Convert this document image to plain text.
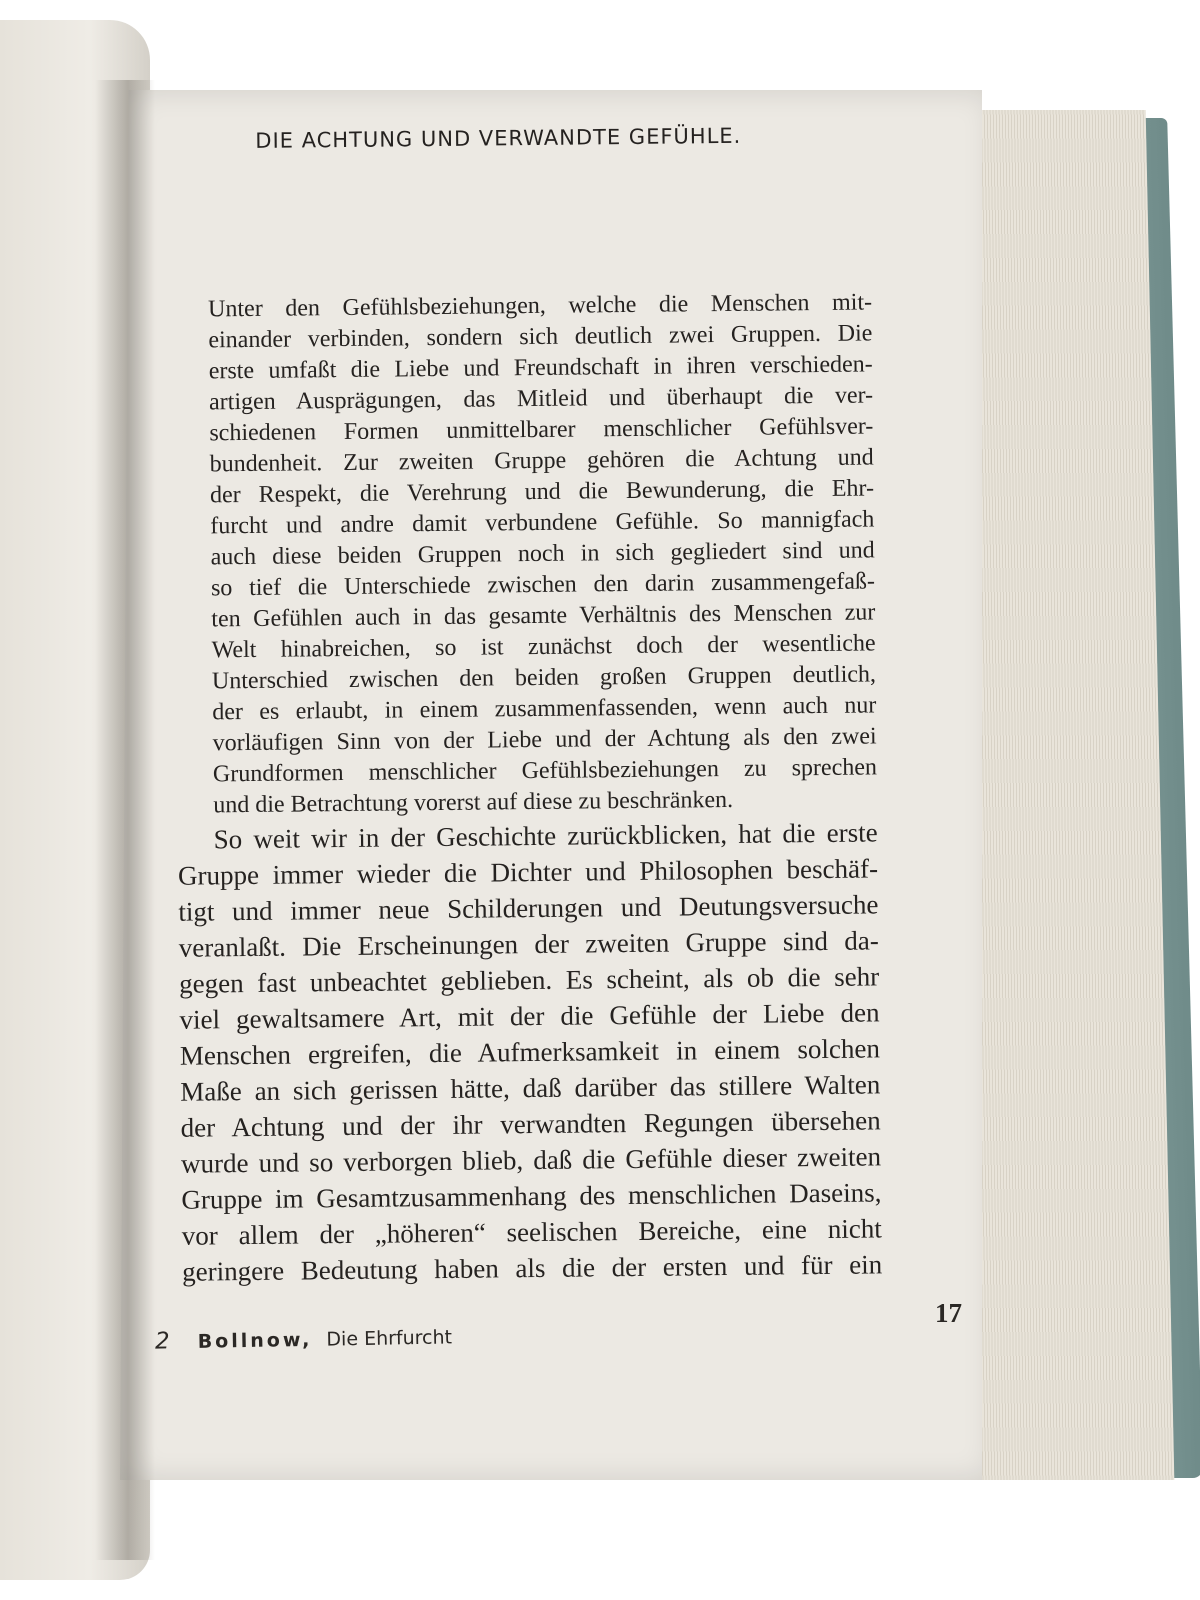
DIE ACHTUNG UND VERWANDTE GEFÜHLE.
Unter den Gefühlsbeziehungen, welche die Menschen mit-
einander verbinden, sondern sich deutlich zwei Gruppen. Die
erste umfaßt die Liebe und Freundschaft in ihren verschieden-
artigen Ausprägungen, das Mitleid und überhaupt die ver-
schiedenen Formen unmittelbarer menschlicher Gefühlsver-
bundenheit. Zur zweiten Gruppe gehören die Achtung und
der Respekt, die Verehrung und die Bewunderung, die Ehr-
furcht und andre damit verbundene Gefühle. So mannigfach
auch diese beiden Gruppen noch in sich gegliedert sind und
so tief die Unterschiede zwischen den darin zusammengefaß-
ten Gefühlen auch in das gesamte Verhältnis des Menschen zur
Welt hinabreichen, so ist zunächst doch der wesentliche
Unterschied zwischen den beiden großen Gruppen deutlich,
der es erlaubt, in einem zusammenfassenden, wenn auch nur
vorläufigen Sinn von der Liebe und der Achtung als den zwei
Grundformen menschlicher Gefühlsbeziehungen zu sprechen
und die Betrachtung vorerst auf diese zu beschränken.
So weit wir in der Geschichte zurückblicken, hat die erste
Gruppe immer wieder die Dichter und Philosophen beschäf-
tigt und immer neue Schilderungen und Deutungsversuche
veranlaßt. Die Erscheinungen der zweiten Gruppe sind da-
gegen fast unbeachtet geblieben. Es scheint, als ob die sehr
viel gewaltsamere Art, mit der die Gefühle der Liebe den
Menschen ergreifen, die Aufmerksamkeit in einem solchen
Maße an sich gerissen hätte, daß darüber das stillere Walten
der Achtung und der ihr verwandten Regungen übersehen
wurde und so verborgen blieb, daß die Gefühle dieser zweiten
Gruppe im Gesamtzusammenhang des menschlichen Daseins,
vor allem der „höheren“ seelischen Bereiche, eine nicht
geringere Bedeutung haben als die der ersten und für ein
17
2 Bollnow, Die Ehrfurcht
